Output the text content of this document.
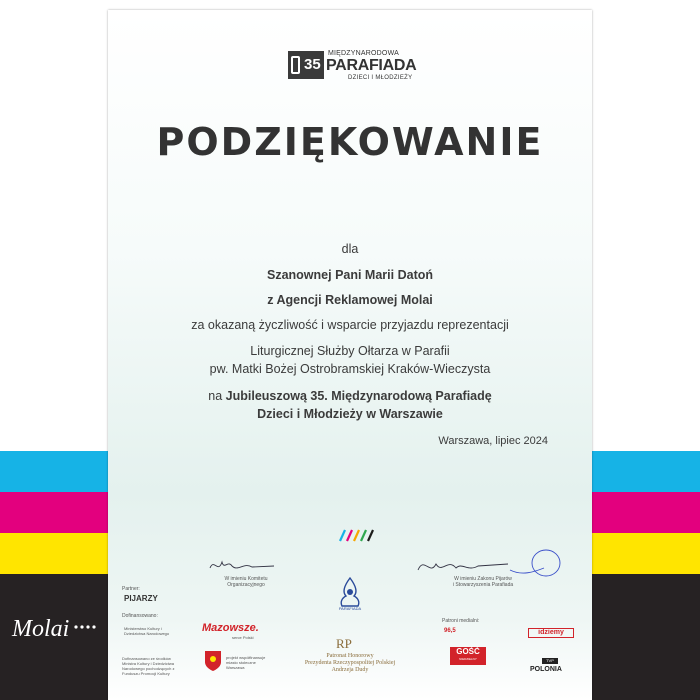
35
MIĘDZYNARODOWA
PARAFIADA
DZIECI I MŁODZIEŻY
PODZIĘKOWANIE
dla
Szanownej Pani Marii Datoń
z Agencji Reklamowej Molai
za okazaną życzliwość i wsparcie przyjazdu reprezentacji
Liturgicznej Służby Ołtarza w Parafii
pw. Matki Bożej Ostrobramskiej Kraków-Wieczysta
na Jubileuszową 35. Międzynarodową Parafiadę
Dzieci i Młodzieży w Warszawie
Warszawa, lipiec 2024
W imieniu Komitetu
Organizacyjnego
W imieniu Zakonu Pijarów
i Stowarzyszenia Parafiada
Partner:
PIJARZY
Dofinansowano:
Ministerstwo Kultury i Dziedzictwa Narodowego
Dofinansowano ze środków Ministra Kultury i Dziedzictwa Narodowego pochodzących z Funduszu Promocji Kultury
Mazowsze.
serce Polski
projekt współfinansuje miasto stołeczne Warszawa
PARAFIADA
RP
Patronat Honorowy
Prezydenta Rzeczypospolitej Polskiej
Andrzeja Dudy
Patroni medialni:
96,5	idziemy
GOŚĆ
NIEDZIELNY	TVP
POLONIA
Molai
